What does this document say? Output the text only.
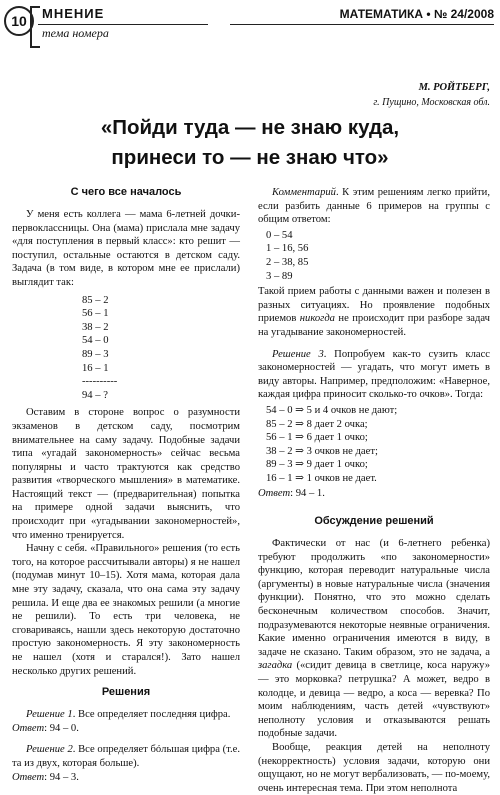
10	МНЕНИЕ
тема номера
МАТЕМАТИКА • № 24/2008
М. РОЙТБЕРГ,
г. Пущино, Московская обл.
«Пойди туда — не знаю куда,
принеси то — не знаю что»
С чего все началось

У меня есть коллега — мама 6-летней дочки-первоклассницы. Она (мама) прислала мне задачу «для поступления в первый класс»: кто решит — поступил, остальные остаются в детском саду. Задача (в том виде, в котором мне ее прислали) выглядит так:

85 – 2
56 – 1
38 – 2
54 – 0
89 – 3
16 – 1
----------
94 – ?

Оставим в стороне вопрос о разумности экзаменов в детском саду, посмотрим внимательнее на саму задачу. Подобные задачи типа «угадай закономерность» сейчас весьма популярны и часто трактуются как средство развития «творческого мышления» в математике. Настоящий текст — (предварительная) попытка на примере одной задачи выяснить, что происходит при «угадывании закономерностей», что именно тренируется.

Начну с себя. «Правильного» решения (то есть того, на которое рассчитывали авторы) я не нашел (подумав минут 10–15). Хотя мама, которая дала мне эту задачу, сказала, что она сама эту задачу решила. И еще два ее знакомых решили (а многие не решили). То есть три человека, не сговариваясь, нашли здесь некоторую достаточно простую закономерность. Я эту закономерность не нашел (хотя и старался!). Зато нашел несколько других решений.

Решения

Решение 1. Все определяет последняя цифра.

Ответ: 94 – 0.

Решение 2. Все определяет бóльшая цифра (т.е. та из двух, которая больше).

Ответ: 94 – 3.

Комментарий. К этим решениям легко прийти, если разбить данные 6 примеров на группы с общим ответом:

0 – 54
1 – 16, 56
2 – 38, 85
3 – 89

Такой прием работы с данными важен и полезен в разных ситуациях. Но проявление подобных приемов никогда не происходит при разборе задач на угадывание закономерностей.

Решение 3. Попробуем как-то сузить класс закономерностей — угадать, что могут иметь в виду авторы. Например, предположим: «Наверное, каждая цифра приносит сколько-то очков». Тогда:

54 – 0 ⇒ 5 и 4 очков не дают;
85 – 2 ⇒ 8 дает 2 очка;
56 – 1 ⇒ 6 дает 1 очко;
38 – 2 ⇒ 3 очков не дает;
89 – 3 ⇒ 9 дает 1 очко;
16 – 1 ⇒ 1 очков не дает.

Ответ: 94 – 1.

Обсуждение решений

Фактически от нас (и 6-летнего ребенка) требуют продолжить «по закономерности» функцию, которая переводит натуральные числа (аргументы) в новые натуральные числа (значения функции). Понятно, что это можно сделать бесконечным количеством способов. Значит, подразумеваются некоторые неявные ограничения. Какие именно ограничения имеются в виду, в задаче не сказано. Таким образом, это не задача, а загадка («сидит девица в светлице, коса наружу» — это морковка? петрушка? А может, ведро в колодце, и девица — ведро, а коса — веревка? По моим наблюдениям, часть детей «чувствуют» неполноту условия и отказываются решать подобные задачи.

Вообще, реакция детей на неполноту (некорректность) условия задачи, которую они ощущают, но не могут вербализовать, — по-моему, очень интересная тема. При этом неполнота
